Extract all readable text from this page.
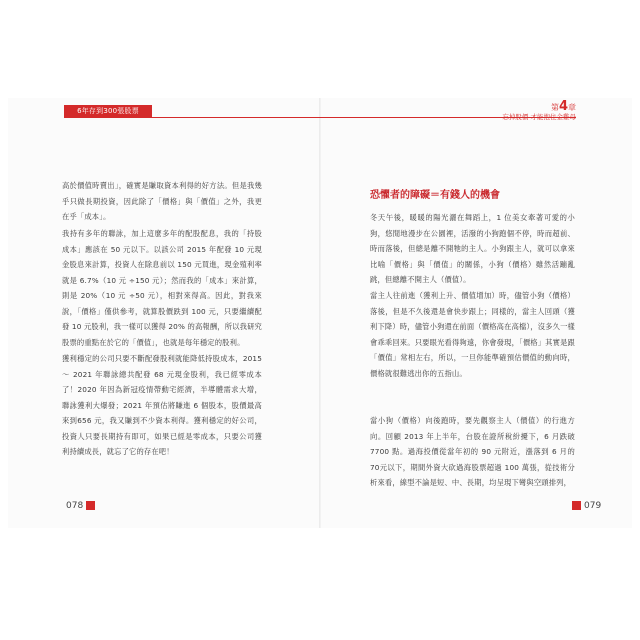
6年存到300張股票	第4章
忘掉股價 才能抱住金雞母
高於價值時賣出」，確實是賺取資本利得的好方法。但是我幾乎只做長期投資，因此除了「價格」與「價值」之外，我更在乎「成本」。
我持有多年的聯詠，加上這麼多年的配股配息，我的「持股成本」應該在 50 元以下。以該公司 2015 年配發 10 元現金股息來計算，投資人在除息前以 150 元買進，現金殖利率就是 6.7%（10 元 ÷150 元）；然而我的「成本」來計算，則是 20%（10 元 ÷50 元），相對來得高。因此，對我來說，「價格」僅供參考，就算股價跌到 100 元，只要繼續配發 10 元股利，我一樣可以獲得 20% 的高報酬，所以我研究股票的重點在於它的「價值」，也就是每年穩定的股利。
獲利穩定的公司只要不斷配發股利就能降低持股成本，2015 ～ 2021 年聯詠總共配發 68 元現金股利，我已經零成本了！2020 年因為新冠疫情帶動宅經濟，半導體需求大增，聯詠獲利大爆發；2021 年預估將賺進 6 個股本，股價最高來到656 元，我又賺到不少資本利得。獲利穩定的好公司，投資人只要長期持有即可，如果已經是零成本，只要公司獲利持續成長，就忘了它的存在吧！
恐懼者的障礙＝有錢人的機會
冬天午後，暖暖的陽光灑在舞蹈上，1 位美女牽著可愛的小狗，悠閒地漫步在公園裡，活潑的小狗跑個不停，時而超前、時而落後，但總是離不開牠的主人。小狗跟主人，就可以拿來比喻「價格」與「價值」的關係，小狗（價格）雖然活蹦亂跳，但總離不開主人（價值）。
當主人往前進（獲利上升、價值增加）時，儘管小狗（價格）落後，但是不久後還是會快步跟上；同樣的，當主人回頭（獲利下降）時，儘管小狗還在前面（價格高在高檔），沒多久一樣會乖乖回來。只要眼光看得夠遠，你會發現，「價格」其實是跟「價值」常相左右，所以，一旦你能準確預估價值的動向時，價格就很難逃出你的五指山。
當小狗（價格）向後跑時，要先觀察主人（價值）的行進方向。回顧 2013 年上半年，台股在證所稅紛擾下，6 月跌破7700 點。過海投價從當年初的 90 元附近，漲落到 6 月的 70元以下，期間外資大砍過海股票超過 100 萬張，從技術分析來看，線型不論是短、中、長期，均呈現下彎與空頭排列，
078	079
